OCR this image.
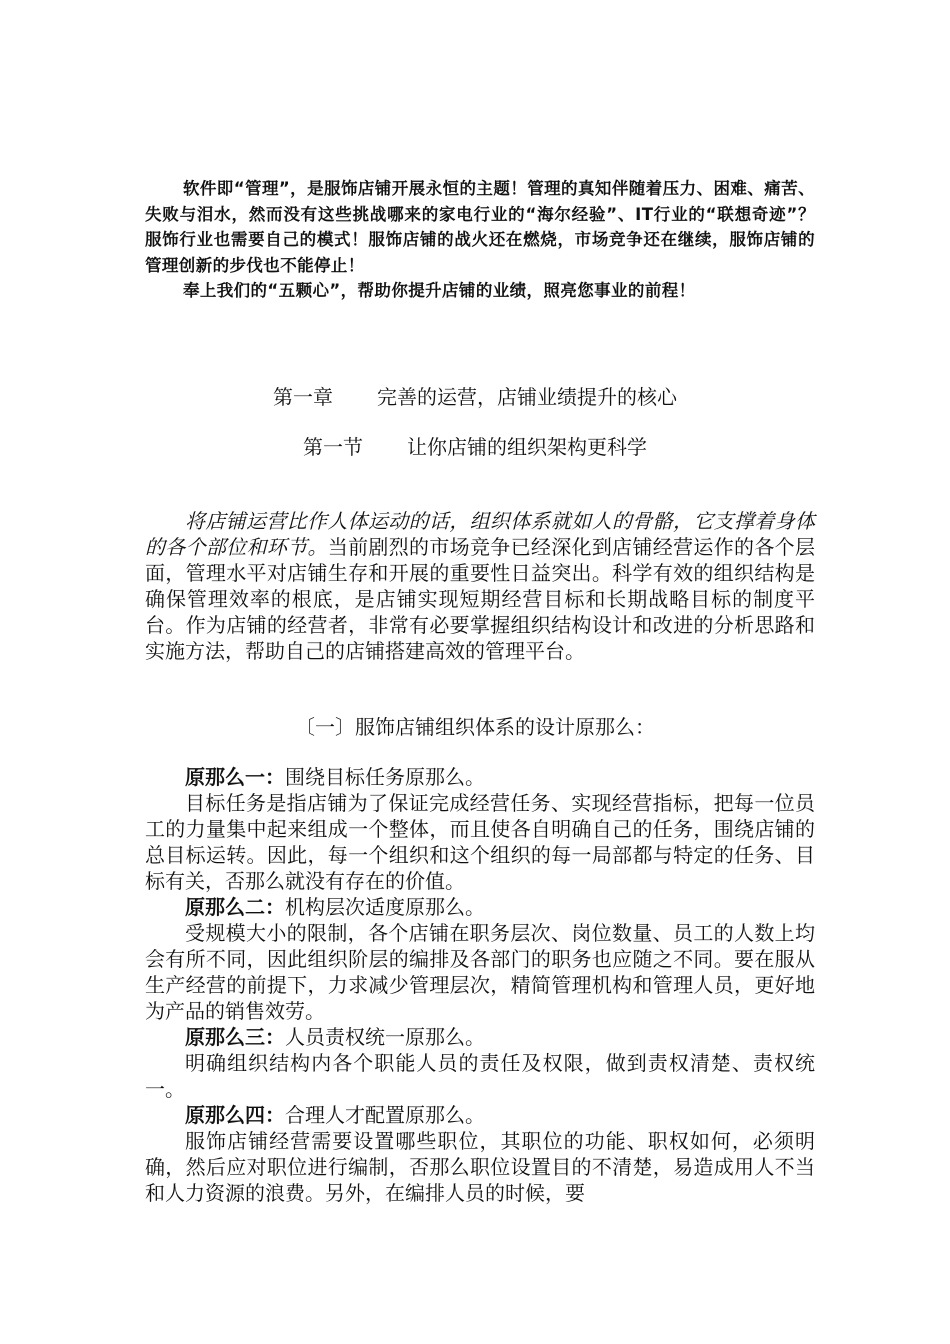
软件即“管理”，是服饰店铺开展永恒的主题！管理的真知伴随着压力、困难、痛苦、失败与泪水，然而没有这些挑战哪来的家电行业的“海尔经验”、IT行业的“联想奇迹”？服饰行业也需要自己的模式！服饰店铺的战火还在燃烧，市场竞争还在继续，服饰店铺的管理创新的步伐也不能停止！

奉上我们的“五颗心”，帮助你提升店铺的业绩，照亮您事业的前程！

第一章 完善的运营，店铺业绩提升的核心
第一节 让你店铺的组织架构更科学

将店铺运营比作人体运动的话，组织体系就如人的骨骼，它支撑着身体的各个部位和环节。当前剧烈的市场竞争已经深化到店铺经营运作的各个层面，管理水平对店铺生存和开展的重要性日益突出。科学有效的组织结构是确保管理效率的根底，是店铺实现短期经营目标和长期战略目标的制度平台。作为店铺的经营者，非常有必要掌握组织结构设计和改进的分析思路和实施方法，帮助自己的店铺搭建高效的管理平台。

〔一〕服饰店铺组织体系的设计原那么：

原那么一：围绕目标任务原那么。

目标任务是指店铺为了保证完成经营任务、实现经营指标，把每一位员工的力量集中起来组成一个整体，而且使各自明确自己的任务，围绕店铺的总目标运转。因此，每一个组织和这个组织的每一局部都与特定的任务、目标有关，否那么就没有存在的价值。

原那么二：机构层次适度原那么。

受规模大小的限制，各个店铺在职务层次、岗位数量、员工的人数上均会有所不同，因此组织阶层的编排及各部门的职务也应随之不同。要在服从生产经营的前提下，力求减少管理层次，精简管理机构和管理人员，更好地为产品的销售效劳。

原那么三：人员责权统一原那么。

明确组织结构内各个职能人员的责任及权限，做到责权清楚、责权统一。

原那么四：合理人才配置原那么。

服饰店铺经营需要设置哪些职位，其职位的功能、职权如何，必须明确，然后应对职位进行编制，否那么职位设置目的不清楚，易造成用人不当和人力资源的浪费。另外，在编排人员的时候，要
